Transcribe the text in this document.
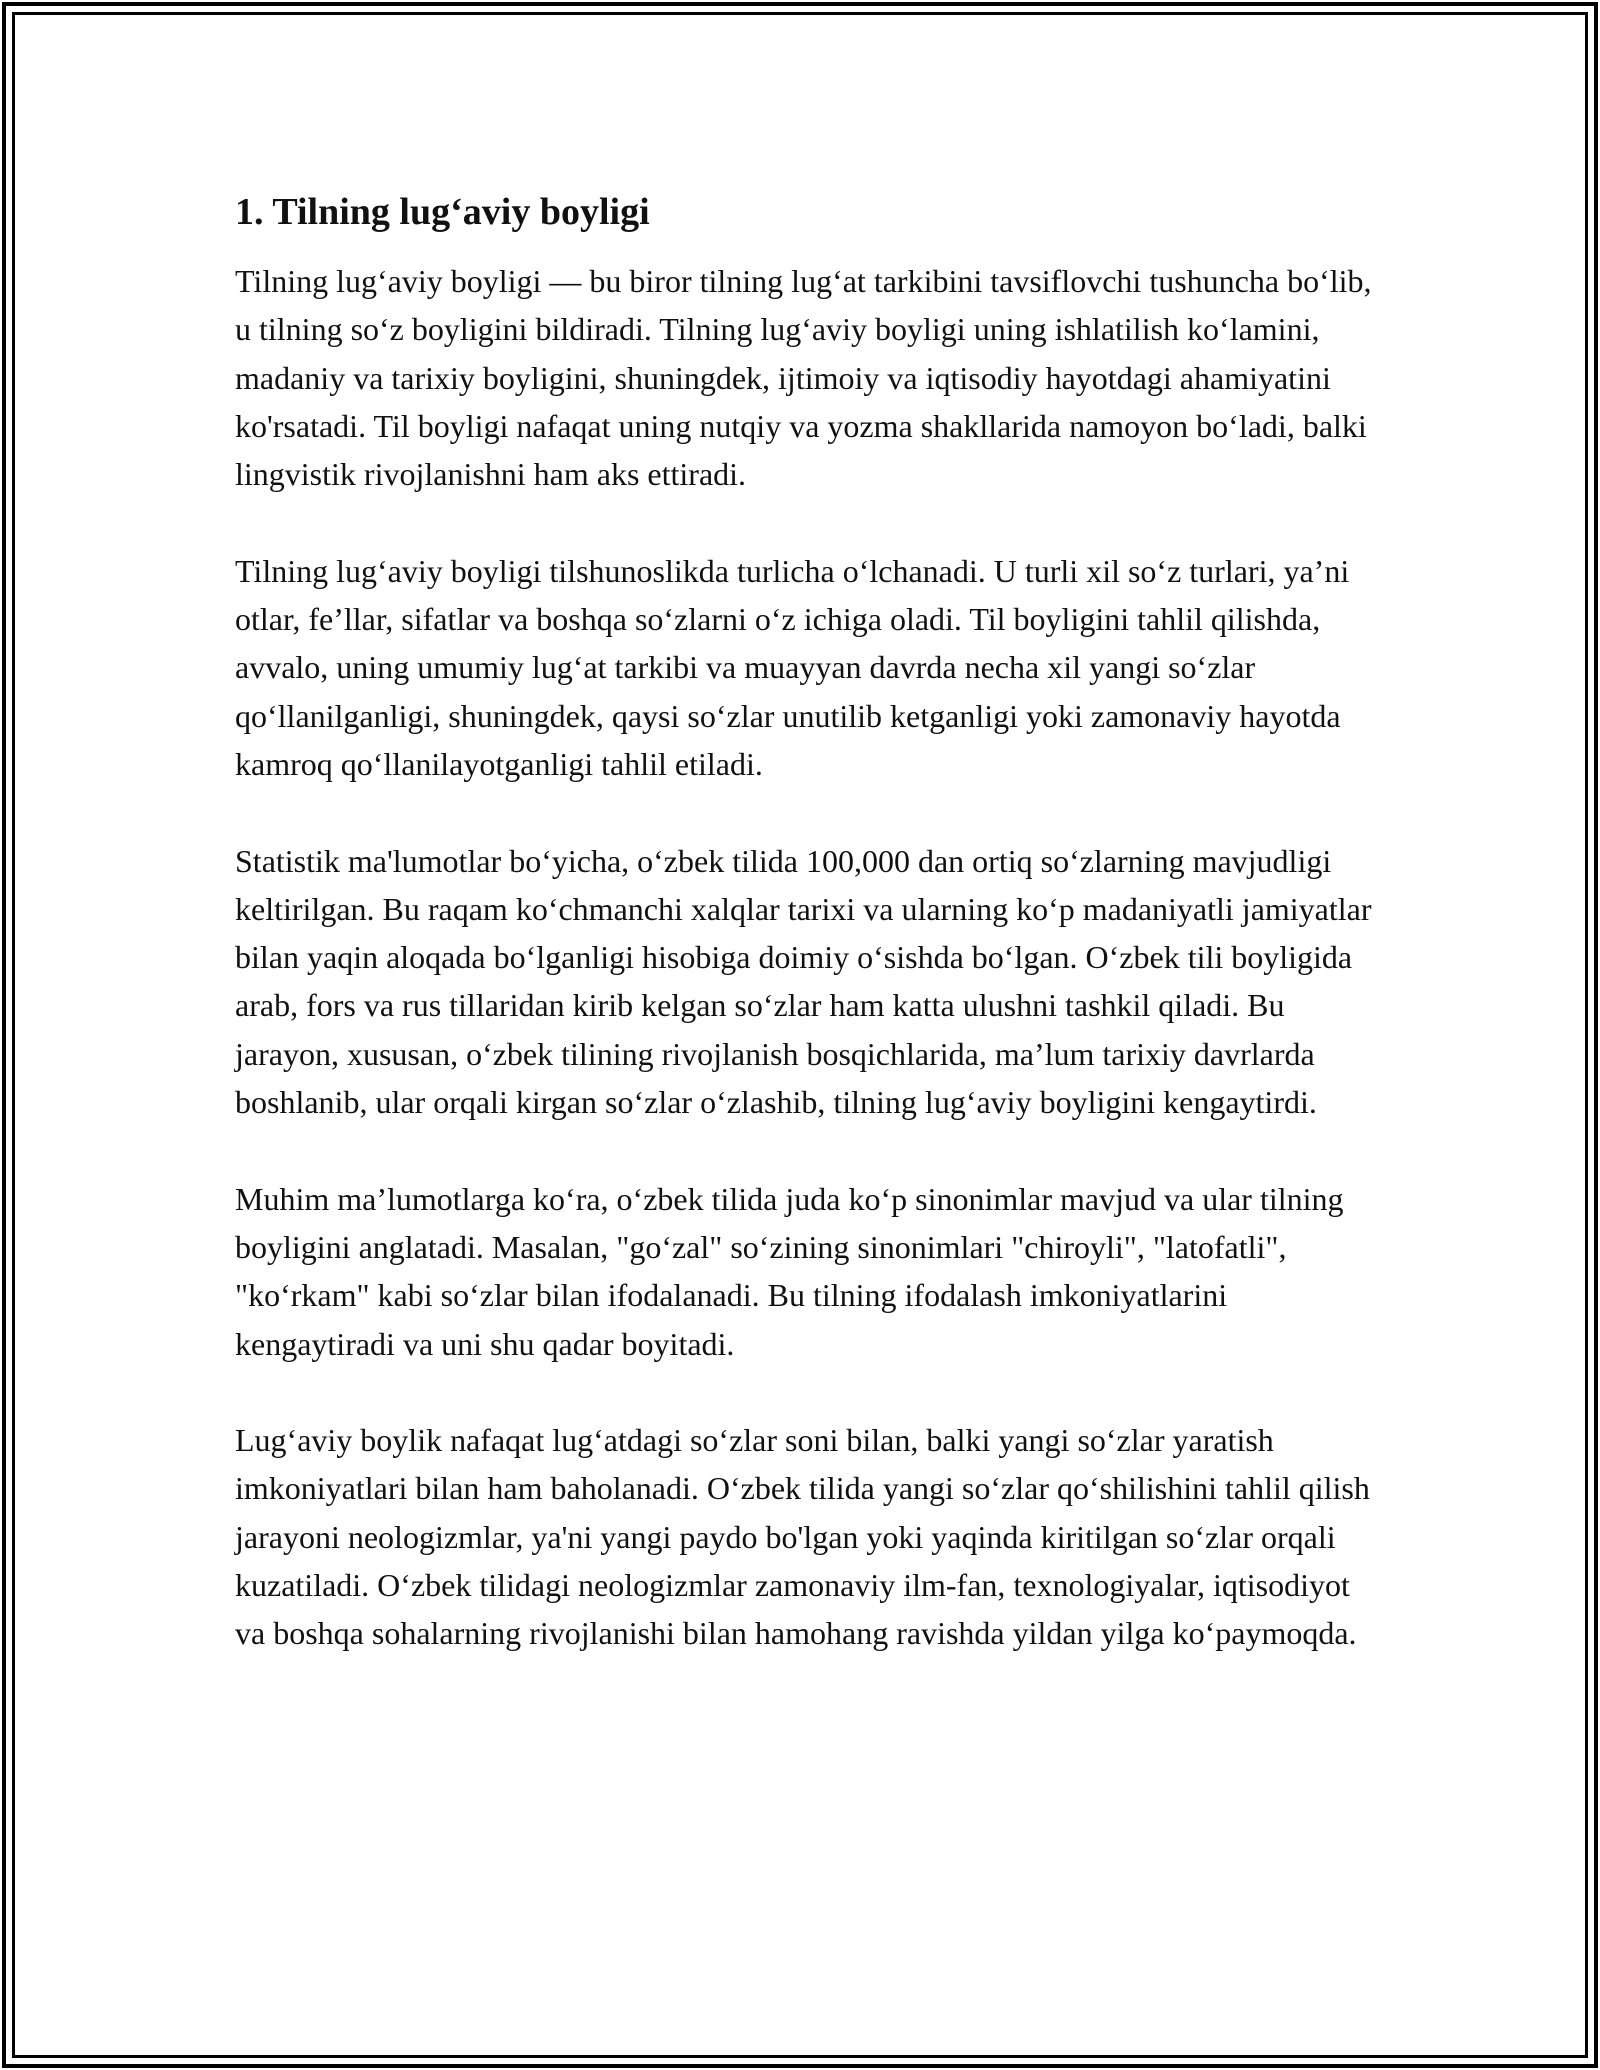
1. Tilning lug‘aviy boyligi

Tilning lug‘aviy boyligi — bu biror tilning lug‘at tarkibini tavsiflovchi tushuncha bo‘lib, u tilning so‘z boyligini bildiradi. Tilning lug‘aviy boyligi uning ishlatilish ko‘lamini, madaniy va tarixiy boyligini, shuningdek, ijtimoiy va iqtisodiy hayotdagi ahamiyatini ko'rsatadi. Til boyligi nafaqat uning nutqiy va yozma shakllarida namoyon bo‘ladi, balki lingvistik rivojlanishni ham aks ettiradi.

Tilning lug‘aviy boyligi tilshunoslikda turlicha o‘lchanadi. U turli xil so‘z turlari, ya’ni otlar, fe’llar, sifatlar va boshqa so‘zlarni o‘z ichiga oladi. Til boyligini tahlil qilishda, avvalo, uning umumiy lug‘at tarkibi va muayyan davrda necha xil yangi so‘zlar qo‘llanilganligi, shuningdek, qaysi so‘zlar unutilib ketganligi yoki zamonaviy hayotda kamroq qo‘llanilayotganligi tahlil etiladi.

Statistik ma'lumotlar bo‘yicha, o‘zbek tilida 100,000 dan ortiq so‘zlarning mavjudligi keltirilgan. Bu raqam ko‘chmanchi xalqlar tarixi va ularning ko‘p madaniyatli jamiyatlar bilan yaqin aloqada bo‘lganligi hisobiga doimiy o‘sishda bo‘lgan. O‘zbek tili boyligida arab, fors va rus tillaridan kirib kelgan so‘zlar ham katta ulushni tashkil qiladi. Bu jarayon, xususan, o‘zbek tilining rivojlanish bosqichlarida, ma’lum tarixiy davrlarda boshlanib, ular orqali kirgan so‘zlar o‘zlashib, tilning lug‘aviy boyligini kengaytirdi.

Muhim ma’lumotlarga ko‘ra, o‘zbek tilida juda ko‘p sinonimlar mavjud va ular tilning boyligini anglatadi. Masalan, "go‘zal" so‘zining sinonimlari "chiroyli", "latofatli", "ko‘rkam" kabi so‘zlar bilan ifodalanadi. Bu tilning ifodalash imkoniyatlarini kengaytiradi va uni shu qadar boyitadi.

Lug‘aviy boylik nafaqat lug‘atdagi so‘zlar soni bilan, balki yangi so‘zlar yaratish imkoniyatlari bilan ham baholanadi. O‘zbek tilida yangi so‘zlar qo‘shilishini tahlil qilish jarayoni neologizmlar, ya'ni yangi paydo bo'lgan yoki yaqinda kiritilgan so‘zlar orqali kuzatiladi. O‘zbek tilidagi neologizmlar zamonaviy ilm-fan, texnologiyalar, iqtisodiyot va boshqa sohalarning rivojlanishi bilan hamohang ravishda yildan yilga ko‘paymoqda.
